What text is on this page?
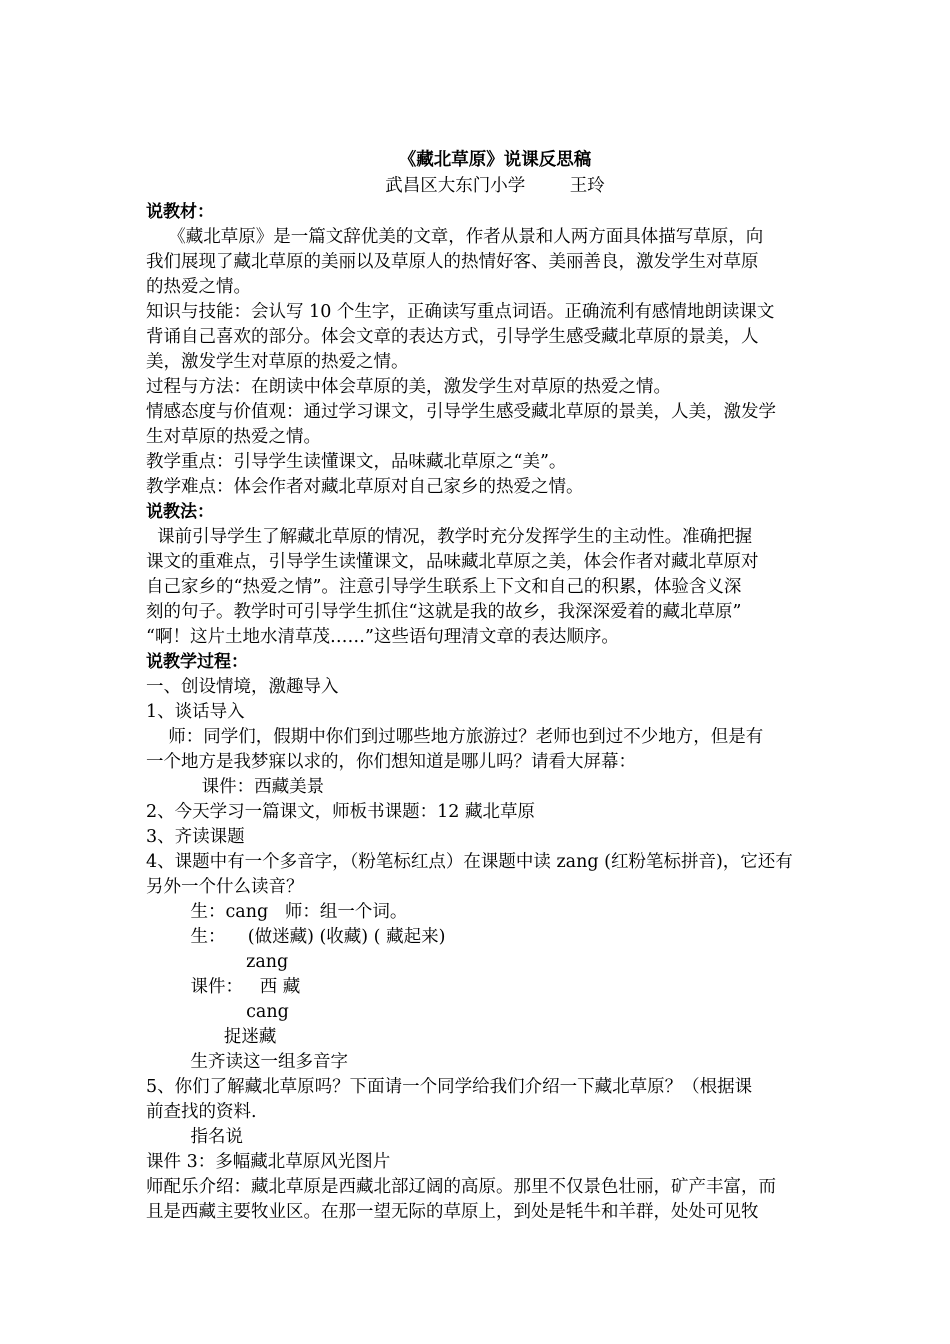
《藏北草原》说课反思稿
武昌区大东门小学        王玲
说教材：
《藏北草原》是一篇文辞优美的文章，作者从景和人两方面具体描写草原，向
我们展现了藏北草原的美丽以及草原人的热情好客、美丽善良，激发学生对草原
的热爱之情。
知识与技能：会认写 10 个生字，正确读写重点词语。正确流利有感情地朗读课文
背诵自己喜欢的部分。体会文章的表达方式，引导学生感受藏北草原的景美，人
美，激发学生对草原的热爱之情。
过程与方法：在朗读中体会草原的美，激发学生对草原的热爱之情。
情感态度与价值观：通过学习课文，引导学生感受藏北草原的景美，人美，激发学
生对草原的热爱之情。
教学重点：引导学生读懂课文，品味藏北草原之“美”。
教学难点：体会作者对藏北草原对自己家乡的热爱之情。
说教法：
课前引导学生了解藏北草原的情况，教学时充分发挥学生的主动性。准确把握
课文的重难点，引导学生读懂课文，品味藏北草原之美，体会作者对藏北草原对
自己家乡的“热爱之情”。注意引导学生联系上下文和自己的积累，体验含义深
刻的句子。教学时可引导学生抓住“这就是我的故乡，我深深爱着的藏北草原”
“啊！这片土地水清草茂……”这些语句理清文章的表达顺序。
说教学过程：
一、创设情境，激趣导入
1、谈话导入
师：同学们，假期中你们到过哪些地方旅游过？老师也到过不少地方，但是有
一个地方是我梦寐以求的，你们想知道是哪儿吗？请看大屏幕：
课件：西藏美景
2、今天学习一篇课文，师板书课题：12 藏北草原
3、齐读课题
4、课题中有一个多音字，（粉笔标红点）在课题中读 zang (红粉笔标拼音)，它还有
另外一个什么读音？
生：cang   师：组一个词。
生：    (做迷藏) (收藏) ( 藏起来)
zang
课件：   西 藏
cang
捉迷藏
生齐读这一组多音字
5、你们了解藏北草原吗？下面请一个同学给我们介绍一下藏北草原？（根据课
前查找的资料.
指名说
课件 3：多幅藏北草原风光图片
师配乐介绍：藏北草原是西藏北部辽阔的高原。那里不仅景色壮丽，矿产丰富，而
且是西藏主要牧业区。在那一望无际的草原上，到处是牦牛和羊群，处处可见牧
